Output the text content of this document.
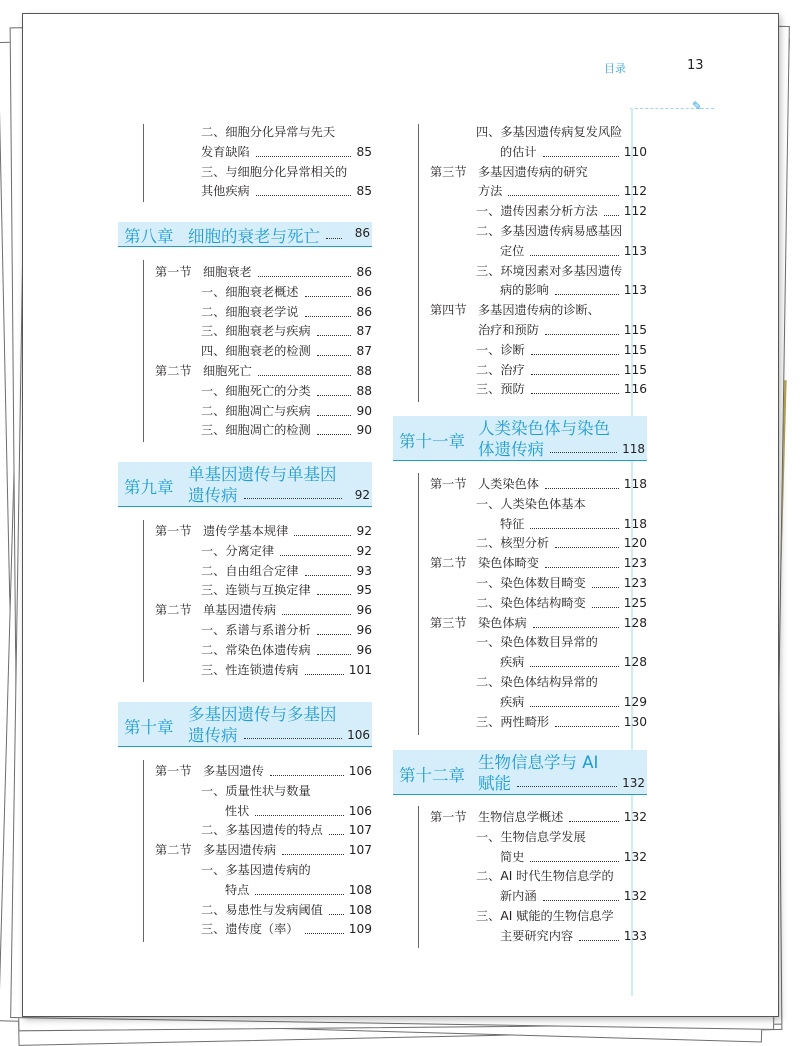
目录	13
✎
二、细胞分化异常与先天
发育缺陷	85
三、与细胞分化异常相关的
其他疾病	85
第八章 细胞的衰老与死亡	86
第一节 细胞衰老	86
一、细胞衰老概述	86
二、细胞衰老学说	86
三、细胞衰老与疾病	87
四、细胞衰老的检测	87
第二节 细胞死亡	88
一、细胞死亡的分类	88
二、细胞凋亡与疾病	90
三、细胞凋亡的检测	90
第九章
单基因遗传与单基因
遗传病	92
第一节 遗传学基本规律	92
一、分离定律	92
二、自由组合定律	93
三、连锁与互换定律	95
第二节 单基因遗传病	96
一、系谱与系谱分析	96
二、常染色体遗传病	96
三、性连锁遗传病	101
第十章
多基因遗传与多基因
遗传病	106
第一节 多基因遗传	106
一、质量性状与数量
性状	106
二、多基因遗传的特点	107
第二节 多基因遗传病	107
一、多基因遗传病的
特点	108
二、易患性与发病阈值	108
三、遗传度（率）	109
四、多基因遗传病复发风险
的估计	110
第三节 多基因遗传病的研究
方法	112
一、遗传因素分析方法	112
二、多基因遗传病易感基因
定位	113
三、环境因素对多基因遗传
病的影响	113
第四节 多基因遗传病的诊断、
治疗和预防	115
一、诊断	115
二、治疗	115
三、预防	116
第十一章
人类染色体与染色
体遗传病	118
第一节 人类染色体	118
一、人类染色体基本
特征	118
二、核型分析	120
第二节 染色体畸变	123
一、染色体数目畸变	123
二、染色体结构畸变	125
第三节 染色体病	128
一、染色体数目异常的
疾病	128
二、染色体结构异常的
疾病	129
三、两性畸形	130
第十二章
生物信息学与 AI
赋能	132
第一节 生物信息学概述	132
一、生物信息学发展
简史	132
二、AI 时代生物信息学的
新内涵	132
三、AI 赋能的生物信息学
主要研究内容	133
